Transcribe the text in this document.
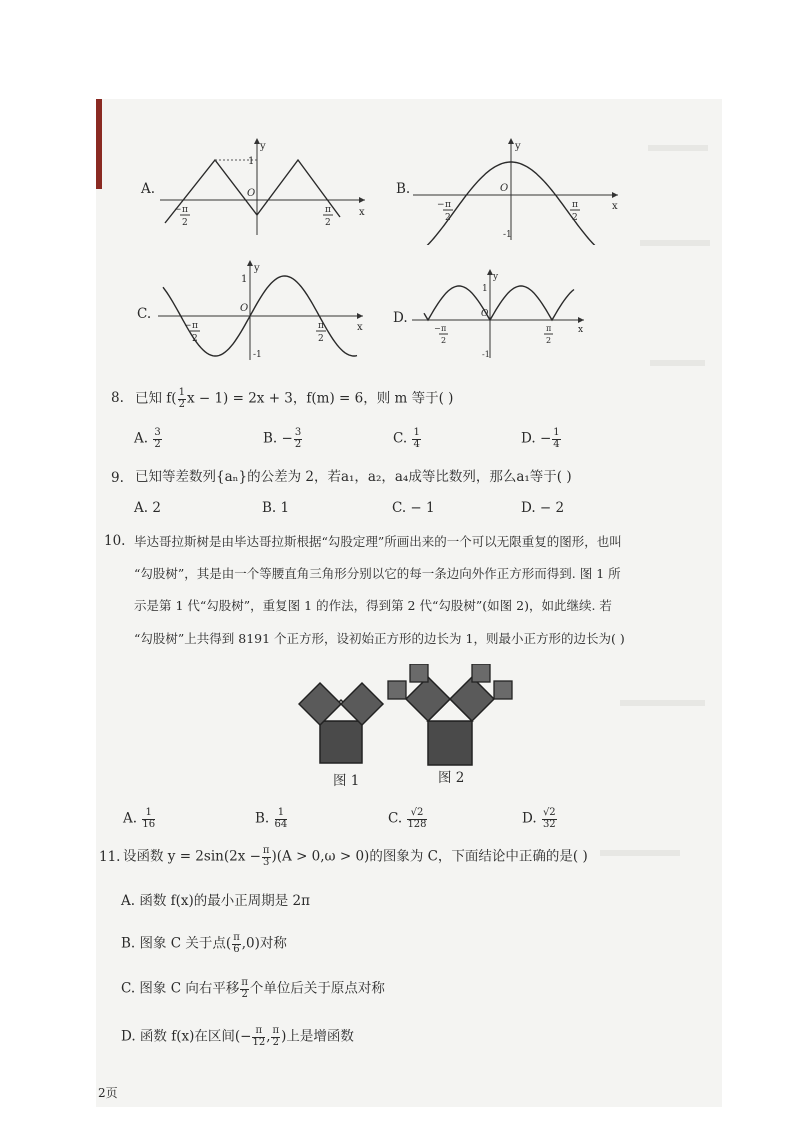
A.
y
1
O
x
− π
2
π
2
B.
y
O
x
-1
− π
2
π
2
C.
y
1
O
x
-1
− π
2
π
2
D.
y
1
O
x
-1
− π
2
π
2
8. 已知 $f( \frac{1}{2}$ x − 1) = 2x + 3，f(m) = 6，则 m 等于( )
A. $\frac{3}{2}$	B. − $\frac{3}{2}$	C. $\frac{1}{4}$	D. − $\frac{1}{4}$
9. 已知等差数列{aₙ}的公差为 2，若a₁，a₂，a₄成等比数列，那么a₁等于( )
A. 2	B. 1	C. − 1	D. − 2
10. 毕达哥拉斯树是由毕达哥拉斯根据“勾股定理”所画出来的一个可以无限重复的图形，也叫
“勾股树”，其是由一个等腰直角三角形分别以它的每一条边向外作正方形而得到. 图 1 所
示是第 1 代“勾股树”，重复图 1 的作法，得到第 2 代“勾股树”(如图 2)，如此继续. 若
“勾股树”上共得到 8191 个正方形，设初始正方形的边长为 1，则最小正方形的边长为( )
图 1	图 2
A. $\frac{1}{16}$	B. $\frac{1}{64}$	C. $\frac{√2}{128}$	D. $\frac{√2}{32}$
11. 设函数 $y = 2\sin(2x - \frac{\pi}{3} )(A > 0,\omega > 0)$的图象为 C，下面结论中正确的是( )
A. 函数 f(x)的最小正周期是 2π
B. 图象 C 关于点( $\frac{\pi}{6} ,0$)对称
C. 图象 C 向右平移 $\frac{\pi}{2}$ 个单位后关于原点对称
D. 函数 f(x)在区间(− $\frac{\pi}{12}$ , $\frac{\pi}{2}$ )上是增函数
2页
